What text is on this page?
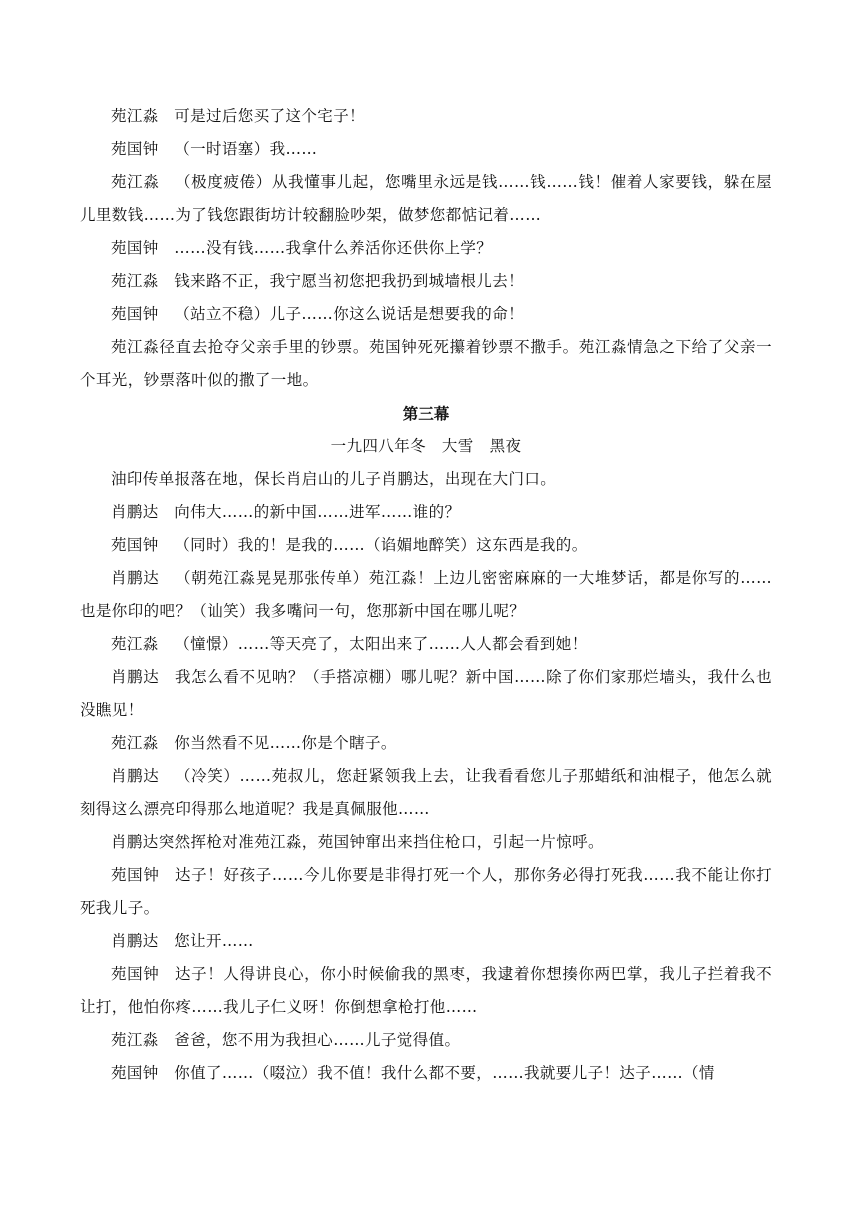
苑江淼 可是过后您买了这个宅子！

苑国钟 （一时语塞）我……

苑江淼 （极度疲倦）从我懂事儿起，您嘴里永远是钱……钱……钱！催着人家要钱，躲在屋儿里数钱……为了钱您跟街坊计较翻脸吵架，做梦您都惦记着……

苑国钟 ……没有钱……我拿什么养活你还供你上学？

苑江淼 钱来路不正，我宁愿当初您把我扔到城墙根儿去！

苑国钟 （站立不稳）儿子……你这么说话是想要我的命！

苑江淼径直去抢夺父亲手里的钞票。苑国钟死死攥着钞票不撒手。苑江淼情急之下给了父亲一个耳光，钞票落叶似的撒了一地。

第三幕

一九四八年冬　大雪　黑夜

油印传单报落在地，保长肖启山的儿子肖鹏达，出现在大门口。

肖鹏达 向伟大……的新中国……进军……谁的？

苑国钟 （同时）我的！是我的……（谄媚地醉笑）这东西是我的。

肖鹏达 （朝苑江淼晃晃那张传单）苑江淼！上边儿密密麻麻的一大堆梦话，都是你写的……也是你印的吧？（讪笑）我多嘴问一句，您那新中国在哪儿呢？

苑江淼 （憧憬）……等天亮了，太阳出来了……人人都会看到她！

肖鹏达 我怎么看不见呐？（手搭凉棚）哪儿呢？新中国……除了你们家那烂墙头，我什么也没瞧见！

苑江淼 你当然看不见……你是个瞎子。

肖鹏达 （冷笑）……苑叔儿，您赶紧领我上去，让我看看您儿子那蜡纸和油棍子，他怎么就刻得这么漂亮印得那么地道呢？我是真佩服他……

肖鹏达突然挥枪对准苑江淼，苑国钟窜出来挡住枪口，引起一片惊呼。

苑国钟 达子！好孩子……今儿你要是非得打死一个人，那你务必得打死我……我不能让你打死我儿子。

肖鹏达 您让开……

苑国钟 达子！人得讲良心，你小时候偷我的黑枣，我逮着你想揍你两巴掌，我儿子拦着我不让打，他怕你疼……我儿子仁义呀！你倒想拿枪打他……

苑江淼 爸爸，您不用为我担心……儿子觉得值。

苑国钟 你值了……（啜泣）我不值！我什么都不要，……我就要儿子！达子……（情
